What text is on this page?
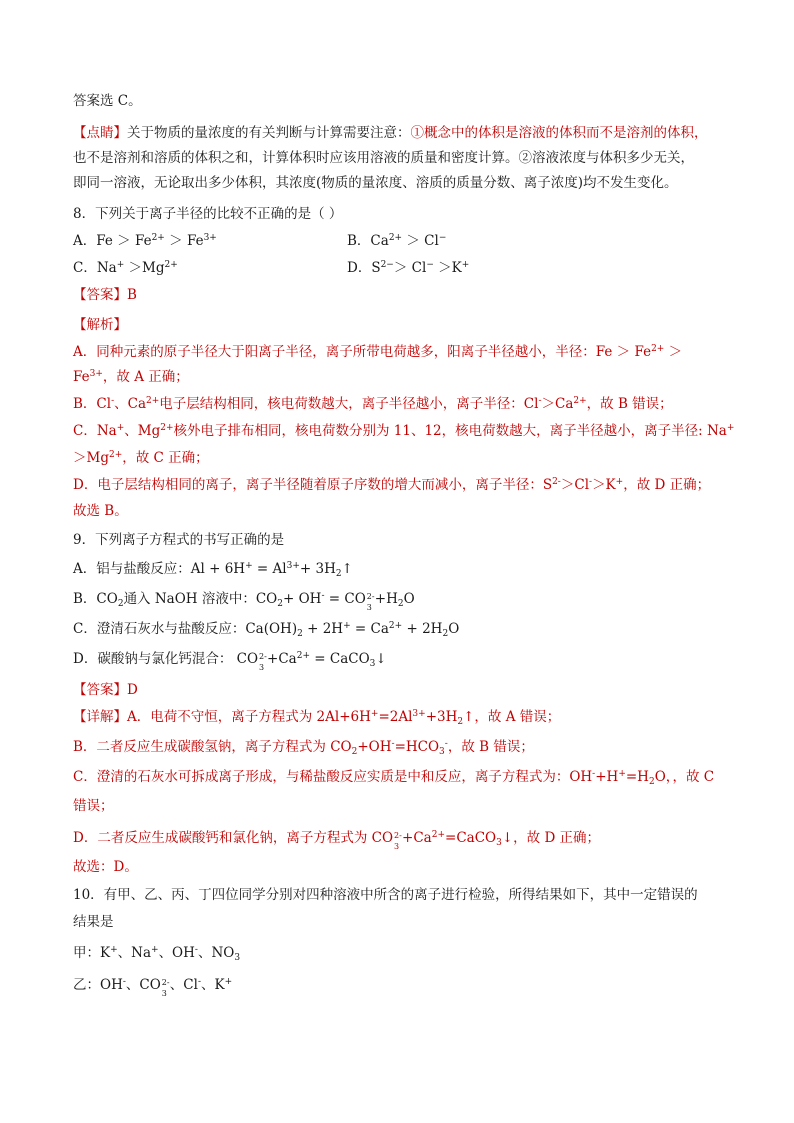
答案选 C。
【点睛】关于物质的量浓度的有关判断与计算需要注意：①概念中的体积是溶液的体积而不是溶剂的体积，
也不是溶剂和溶质的体积之和，计算体积时应该用溶液的质量和密度计算。②溶液浓度与体积多少无关，
即同一溶液，无论取出多少体积，其浓度(物质的量浓度、溶质的质量分数、离子浓度)均不发生变化。
8．下列关于离子半径的比较不正确的是（ ）
A．$Fe > Fe^{2+} > Fe^{3+}$	B．$Ca^{2+} > Cl^-$
C．$Na^+ >Mg^{2+}$	D．$S^{2-}> Cl^- >K^+$
【答案】B
【解析】
A．同种元素的原子半径大于阳离子半径，离子所带电荷越多，阳离子半径越小，半径：$Fe > Fe^{2+}$ ＞
$Fe^{3+}$，故 A 正确；
B．Cl-、$Ca^{2+}$电子层结构相同，核电荷数越大，离子半径越小，离子半径：$Cl^->Ca^{2+}$，故 B 错误；
C．Na+、$Mg^{2+}$核外电子排布相同，核电荷数分别为 11、12，核电荷数越大，离子半径越小，离子半径: Na+
$>Mg^{2+}$，故 C 正确；
D．电子层结构相同的离子，离子半径随着原子序数的增大而减小，离子半径：$S^{2-}>Cl^->K^+$，故 D 正确；
故选 B。
9．下列离子方程式的书写正确的是
A．铝与盐酸反应：$Al + 6H^+ = Al^{3+}+$ $3H_2↑$
B．$CO_2$通入 NaOH 溶液中：$CO_2+ OH^-$ = CO 2-
3
$+H_2O$
C．澄清石灰水与盐酸反应：$Ca(OH)_2 + 2H^+ = Ca^{2+} + 2H_2O$
D．碳酸钠与氯化钙混合： CO 2-
3
$+Ca^{2+}$ = CaCO$_3$↓
【答案】D
【详解】A．电荷不守恒，离子方程式为 $2Al+6H^+=2Al^{3+}+3H_2↑$，故 A 错误；
B．二者反应生成碳酸氢钠，离子方程式为 $CO_2+OH^-=HCO_3^-$，故 B 错误；
C．澄清的石灰水可拆成离子形成，与稀盐酸反应实质是中和反应，离子方程式为：$OH^-+H^+=H_2O$，，故 C
错误；
D．二者反应生成碳酸钙和氯化钠，离子方程式为 CO 2-
3
$+Ca^{2+}=CaCO_3↓$，故 D 正确；
故选：D。
10．有甲、乙、丙、丁四位同学分别对四种溶液中所含的离子进行检验，所得结果如下，其中一定错误的
结果是
甲：K+、Na+、OH-、$NO_3$
乙：OH-、CO 2-
3
、Cl-、K+
